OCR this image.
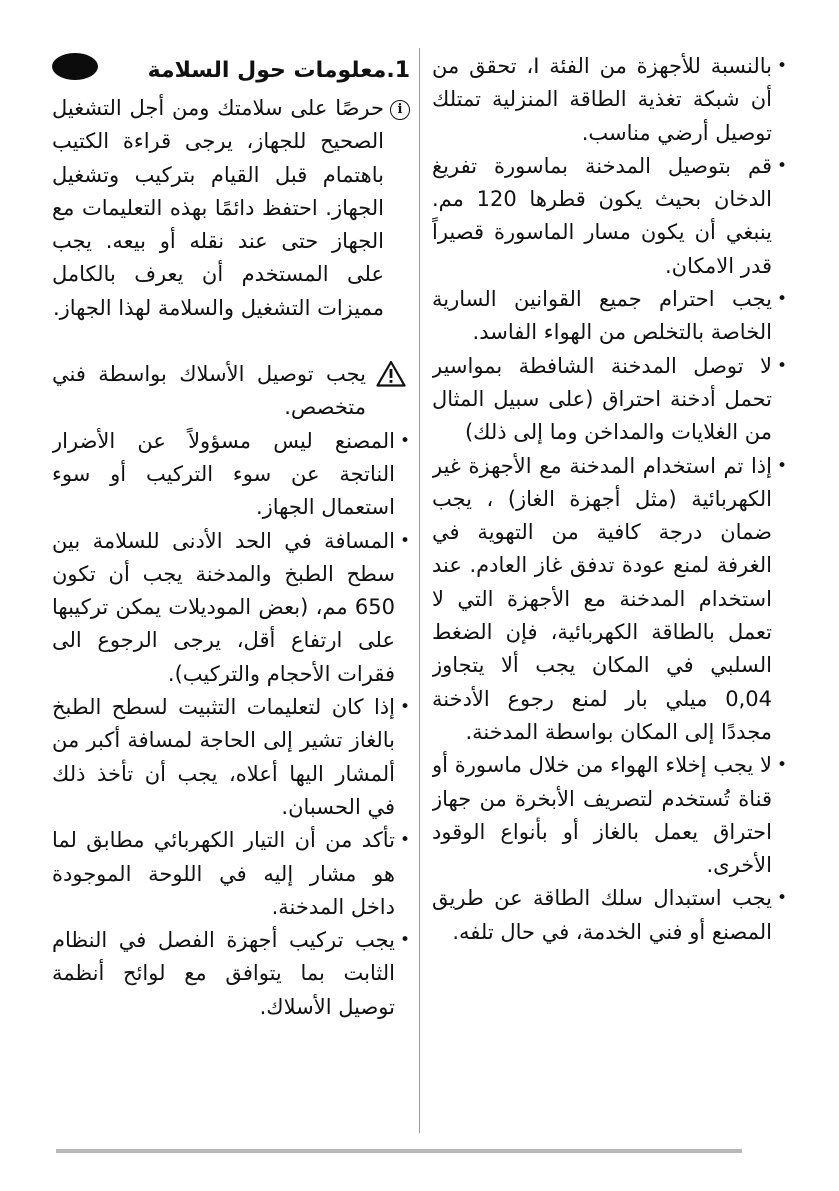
• بالنسبة للأجهزة من الفئة I، تحقق من أن شبكة تغذية الطاقة المنزلية تمتلك توصيل أرضي مناسب.
• قم بتوصيل المدخنة بماسورة تفريغ الدخان بحيث يكون قطرها 120 مم. ينبغي أن يكون مسار الماسورة قصيراً قدر الامكان.
• يجب احترام جميع القوانين السارية الخاصة بالتخلص من الهواء الفاسد.
• لا توصل المدخنة الشافطة بمواسير تحمل أدخنة احتراق (على سبيل المثال من الغلايات والمداخن وما إلى ذلك)
• إذا تم استخدام المدخنة مع الأجهزة غير الكهربائية (مثل أجهزة الغاز) ، يجب ضمان درجة كافية من التهوية في الغرفة لمنع عودة تدفق غاز العادم. عند استخدام المدخنة مع الأجهزة التي لا تعمل بالطاقة الكهربائية، فإن الضغط السلبي في المكان يجب ألا يتجاوز 0,04 ميلي بار لمنع رجوع الأدخنة مجددًا إلى المكان بواسطة المدخنة.
• لا يجب إخلاء الهواء من خلال ماسورة أو قناة تُستخدم لتصريف الأبخرة من جهاز احتراق يعمل بالغاز أو بأنواع الوقود الأخرى.
• يجب استبدال سلك الطاقة عن طريق المصنع أو فني الخدمة، في حال تلفه.
1.معلومات حول السلامة
i
حرصًا على سلامتك ومن أجل التشغيل الصحيح للجهاز، يرجى قراءة الكتيب باهتمام قبل القيام بتركيب وتشغيل الجهاز. احتفظ دائمًا بهذه التعليمات مع الجهاز حتى عند نقله أو بيعه. يجب على المستخدم أن يعرف بالكامل مميزات التشغيل والسلامة لهذا الجهاز.
يجب توصيل الأسلاك بواسطة فني متخصص.
• المصنع ليس مسؤولاً عن الأضرار الناتجة عن سوء التركيب أو سوء استعمال الجهاز.
• المسافة في الحد الأدنى للسلامة بين سطح الطبخ والمدخنة يجب أن تكون 650 مم، (بعض الموديلات يمكن تركيبها على ارتفاع أقل، يرجى الرجوع الى فقرات الأحجام والتركيب).
• إذا كان لتعليمات التثبيت لسطح الطبخ بالغاز تشير إلى الحاجة لمسافة أكبر من ألمشار اليها أعلاه، يجب أن تأخذ ذلك في الحسبان.
• تأكد من أن التيار الكهربائي مطابق لما هو مشار إليه في اللوحة الموجودة داخل المدخنة.
• يجب تركيب أجهزة الفصل في النظام الثابت بما يتوافق مع لوائح أنظمة توصيل الأسلاك.
